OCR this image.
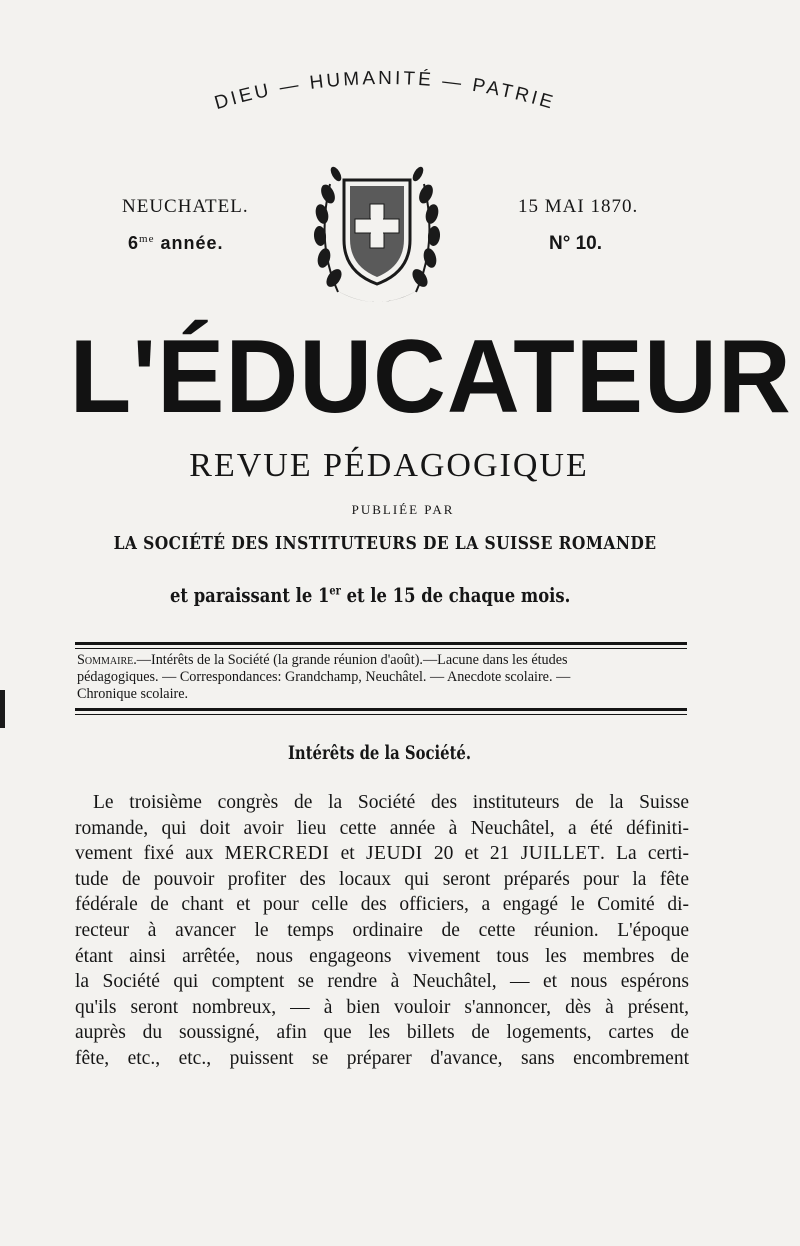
DIEU — HUMANITÉ — PATRIE
NEUCHATEL.
$6^{me}$ année.
15 MAI 1870.
N° 10.
L'ÉDUCATEUR
REVUE PÉDAGOGIQUE
PUBLIÉE PAR
LA SOCIÉTÉ DES INSTITUTEURS DE LA SUISSE ROMANDE
et paraissant le 1er et le 15 de chaque mois.
Sommaire.—Intérêts de la Société (la grande réunion d'août).—Lacune dans les études
pédagogiques. — Correspondances: Grandchamp, Neuchâtel. — Anecdote scolaire. —
Chronique scolaire.
Intérêts de la Société.
Le troisième congrès de la Société des instituteurs de la Suisse
romande, qui doit avoir lieu cette année à Neuchâtel, a été définiti-
vement fixé aux MERCREDI et JEUDI 20 et 21 JUILLET. La certi-
tude de pouvoir profiter des locaux qui seront préparés pour la fête
fédérale de chant et pour celle des officiers, a engagé le Comité di-
recteur à avancer le temps ordinaire de cette réunion. L'époque
étant ainsi arrêtée, nous engageons vivement tous les membres de
la Société qui comptent se rendre à Neuchâtel, — et nous espérons
qu'ils seront nombreux, — à bien vouloir s'annoncer, dès à présent,
auprès du soussigné, afin que les billets de logements, cartes de
fête, etc., etc., puissent se préparer d'avance, sans encombrement
